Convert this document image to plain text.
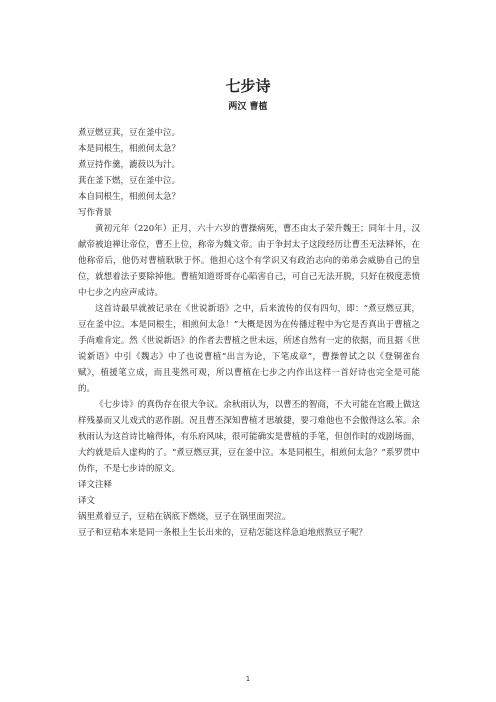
七步诗
两汉 曹植

煮豆燃豆萁，豆在釜中泣。

本是同根生，相煎何太急？

煮豆持作羹，漉菽以为汁。

萁在釜下燃，豆在釜中泣。

本自同根生，相煎何太急？

写作背景

黄初元年（220年）正月，六十六岁的曹操病死，曹丕由太子荣升魏王；同年十月，汉献帝被迫禅让帝位，曹丕上位，称帝为魏文帝。由于争封太子这段经历让曹丕无法释怀，在他称帝后，他仍对曹植耿耿于怀。他担心这个有学识又有政治志向的弟弟会威胁自己的皇位，就想着法子要除掉他。曹植知道哥哥存心陷害自己，可自己无法开脱，只好在极度悲愤中七步之内应声成诗。

这首诗最早就被记录在《世说新语》之中，后来流传的仅有四句，即：“煮豆燃豆萁，豆在釜中泣。本是同根生，相煎何太急！”大概是因为在传播过程中为它是否真出于曹植之手尚难肯定。然《世说新语》的作者去曹植之世未远，所述自然有一定的依据，而且据《世说新语》中引《魏志》中了也说曹植“出言为论，下笔成章”，曹操曾试之以《登铜雀台赋》，植援笔立成，而且斐然可观，所以曹植在七步之内作出这样一首好诗也完全是可能的。

《七步诗》的真伪存在很大争议。余秋雨认为，以曹丕的智商，不大可能在宫殿上做这样残暴而又儿戏式的恶作剧。况且曹丕深知曹植才思敏捷，要刁难他也不会傲得这么笨。余秋雨认为这首诗比喻得体，有乐府风味，很可能确实是曹植的手笔，但创作时的戏剧场面，大约就是后人虚构的了。“煮豆燃豆萁，豆在釜中泣。本是同根生，相煎何太急？”系罗贯中伪作，不是七步诗的原文。

译文注释

译文

锅里煮着豆子，豆秸在锅底下燃烧，豆子在锅里面哭泣。

豆子和豆秸本来是同一条根上生长出来的，豆秸怎能这样急迫地煎熬豆子呢？

1
